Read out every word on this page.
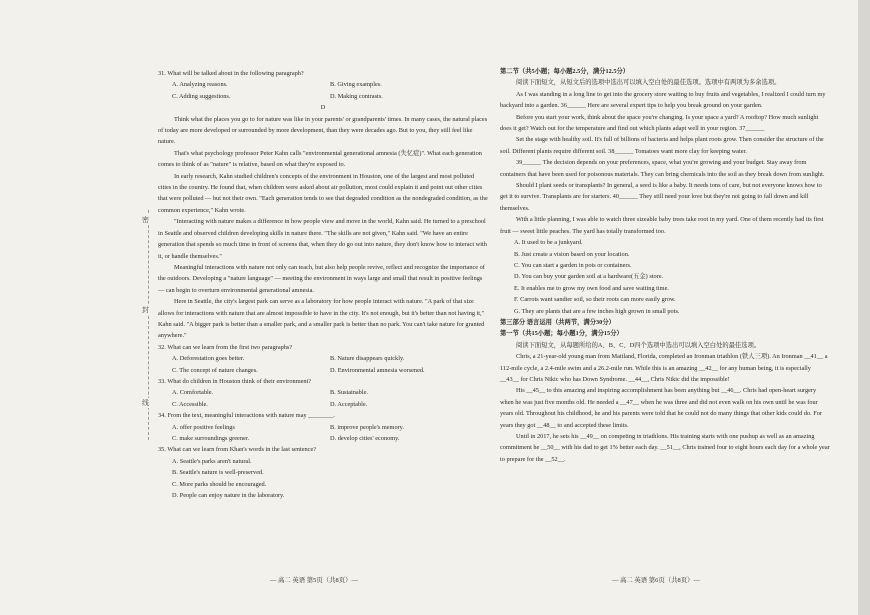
密
封
线

31. What will be talked about in the following paragraph?

A. Analyzing reasons.	B. Giving examples.
C. Adding suggestions.	D. Making contrasts.

D

Think what the places you go to for nature was like in your parents' or grandparents' times. In many cases, the natural places of today are more developed or surrounded by more development, than they were decades ago. But to you, they still feel like nature.

That's what psychology professor Peter Kahn calls "environmental generational amnesia (失忆症)". What each generation comes to think of as "nature" is relative, based on what they're exposed to.

In early research, Kahn studied children's concepts of the environment in Houston, one of the largest and most polluted cities in the country. He found that, when children were asked about air pollution, most could explain it and point out other cities that were polluted — but not their own. "Each generation tends to see that degraded condition as the nondegraded condition, as the common experience," Kahn wrote.

"Interacting with nature makes a difference in how people view and move in the world, Kahn said. He turned to a preschool in Seattle and observed children developing skills in nature there. "The skills are not given," Kahn said. "We have an entire generation that spends so much time in front of screens that, when they do go out into nature, they don't know how to interact with it, or handle themselves."

Meaningful interactions with nature not only can teach, but also help people revive, reflect and recognize the importance of the outdoors. Developing a "nature language" — meeting the environment in ways large and small that result in positive feelings — can begin to overturn environmental generational amnesia.

Here in Seattle, the city's largest park can serve as a laboratory for how people interact with nature. "A park of that size allows for interactions with nature that are almost impossible to have in the city. It's not enough, but it's better than not having it," Kahn said. "A bigger park is better than a smaller park, and a smaller park is better than no park. You can't take nature for granted anywhere."

32. What can we learn from the first two paragraphs?

A. Deforestation goes better.	B. Nature disappears quickly.
C. The concept of nature changes.	D. Environmental amnesia worsened.

33. What do children in Houston think of their environment?

A. Comfortable.	B. Sustainable.
C. Accessible.	D. Acceptable.

34. From the text, meaningful interactions with nature may ________.

A. offer positive feelings	B. improve people's memory.
C. make surroundings greener.	D. develop cities' economy.

35. What can we learn from Khan's words in the last sentence?

A. Seattle's parks aren't natural.

B. Seattle's nature is well-preserved.

C. More parks should be encouraged.

D. People can enjoy nature in the laboratory.

— 高二 英语 第5页（共8页）—

第二节（共5小题；每小题2.5分，满分12.5分）

阅读下面短文，从短文后的选项中选出可以填入空白处的最佳选项。选项中有两项为多余选项。

As I was standing in a long line to get into the grocery store waiting to buy fruits and vegetables, I realized I could turn my backyard into a garden. 36______ Here are several expert tips to help you break ground on your garden.

Before you start your work, think about the space you're changing. Is your space a yard? A rooftop? How much sunlight does it get? Watch out for the temperature and find out which plants adapt well in your region. 37______

Set the stage with healthy soil. It's full of billions of bacteria and helps plant roots grow. Then consider the structure of the soil. Different plants require different soil. 38______ Tomatoes want more clay for keeping water.

39______ The decision depends on your preferences, space, what you're growing and your budget. Stay away from containers that have been used for poisonous materials. They can bring chemicals into the soil as they break down from sunlight.

Should I plant seeds or transplants? In general, a seed is like a baby. It needs tons of care, but not everyone knows how to get it to survive. Transplants are for starters. 40______ They still need your love but they're not going to fall down and kill themselves.

With a little planning, I was able to watch three sizeable baby trees take root in my yard. One of them recently had its first fruit — sweet little peaches. The yard has totally transformed too.

A. It used to be a junkyard.

B. Just create a vision based on your location.

C. You can start a garden in pots or containers.

D. You can buy your garden soil at a hardware(五金) store.

E. It enables me to grow my own food and save waiting time.

F. Carrots want sandier soil, so their roots can more easily grow.

G. They are plants that are a few inches high grown in small pots.

第三部分 语言运用（共两节，满分30分）

第一节（共15小题；每小题1分，满分15分）

阅读下面短文，从每题所给的A、B、C、D四个选项中选出可以填入空白处的最佳选项。

Chris, a 21-year-old young man from Maitland, Florida, completed an Ironman triathlon (铁人三项). An Ironman __41__ a 112-mile cycle, a 2.4-mile swim and a 26.2-mile run. While this is an amazing __42__ for any human being, it is especially __43__ for Chris Nikic who has Down Syndrome. __44__, Chris Nikic did the impossible!

His __45__ to this amazing and inspiring accomplishment has been anything but __46__. Chris had open-heart surgery when he was just five months old. He needed a __47__ when he was three and did not even walk on his own until he was four years old. Throughout his childhood, he and his parents were told that he could not do many things that other kids could do. For years they got __48__ to and accepted these limits.

Until in 2017, he sets his __49__ on competing in triathlons. His training starts with one pushup as well as an amazing commitment he __50__ with his dad to get 1% better each day. __51__, Chris trained four to eight hours each day for a whole year to prepare for the __52__.

— 高二 英语 第6页（共8页）—
